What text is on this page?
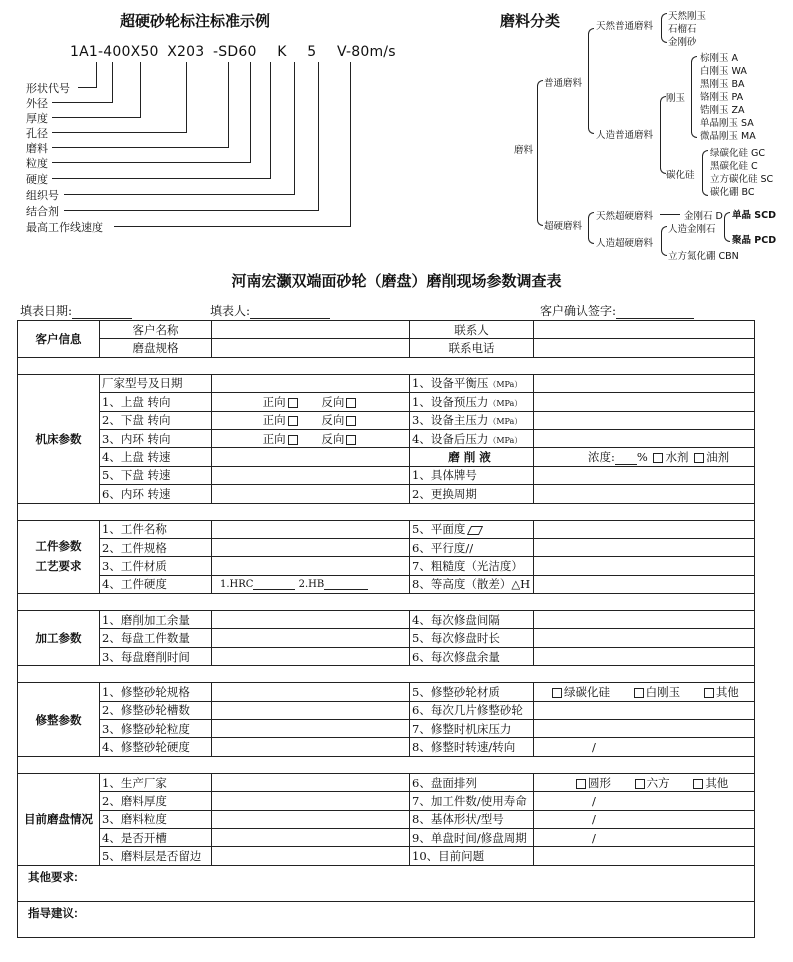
超硬砂轮标注标准示例
1A1-400X50 X203 -SD60 K 5 V-80m/s
形状代号
外径
厚度
孔径
磨料
粒度
硬度
组织号
结合剂
最高工作线速度
磨料分类
磨料
普通磨料
天然普通磨料
天然刚玉
石榴石
金刚砂
人造普通磨料
刚玉
棕刚玉 A
白刚玉 WA
黑刚玉 BA
铬刚玉 PA
锆刚玉 ZA
单晶刚玉 SA
微晶刚玉 MA
碳化硅
绿碳化硅 GC
黑碳化硅 C
立方碳化硅 SC
碳化硼 BC
超硬磨料
天然超硬磨料	金刚石 D 单晶 SCD
聚晶 PCD
人造超硬磨料
人造金刚石
立方氮化硼 CBN
河南宏灏双端面砂轮（磨盘）磨削现场参数调查表
填表日期:	填表人:	客户确认签字:
客户信息	客户名称		联系人	
	磨盘规格		联系电话	

机床参数	厂家型号及日期		1、设备平衡压（MPa）	
	1、上盘 转向	正向 反向	1、设备预压力（MPa）	
	2、下盘 转向	正向 反向	3、设备主压力（MPa）	
	3、内环 转向	正向 反向	4、设备后压力（MPa）	
	4、上盘 转速		磨削液	浓度: % 水剂 油剂
	5、下盘 转速		1、具体牌号	
	6、内环 转速		2、更换周期	

工件参数
工艺要求	1、工件名称		5、平面度	
	2、工件规格		6、平行度//	
	3、工件材质		7、粗糙度（光洁度）	
	4、工件硬度	1.HRC 2.HB	8、等高度（散差）△H	

加工参数	1、磨削加工余量		4、每次修盘间隔	
	2、每盘工件数量		5、每次修盘时长	
	3、每盘磨削时间		6、每次修盘余量	

修整参数	1、修整砂轮规格		5、修整砂轮材质	绿碳化硅 白刚玉 其他
	2、修整砂轮槽数		6、每次几片修整砂轮	
	3、修整砂轮粒度		7、修整时机床压力	
	4、修整砂轮硬度		8、修整时转速/转向	/

目前磨盘情况	1、生产厂家		6、盘面排列	圆形 六方 其他
	2、磨料厚度		7、加工件数/使用寿命	/
	3、磨料粒度		8、基体形状/型号	/
	4、是否开槽		9、单盘时间/修盘周期	/
	5、磨料层是否留边		10、目前问题	
其他要求:				
指导建议:				
